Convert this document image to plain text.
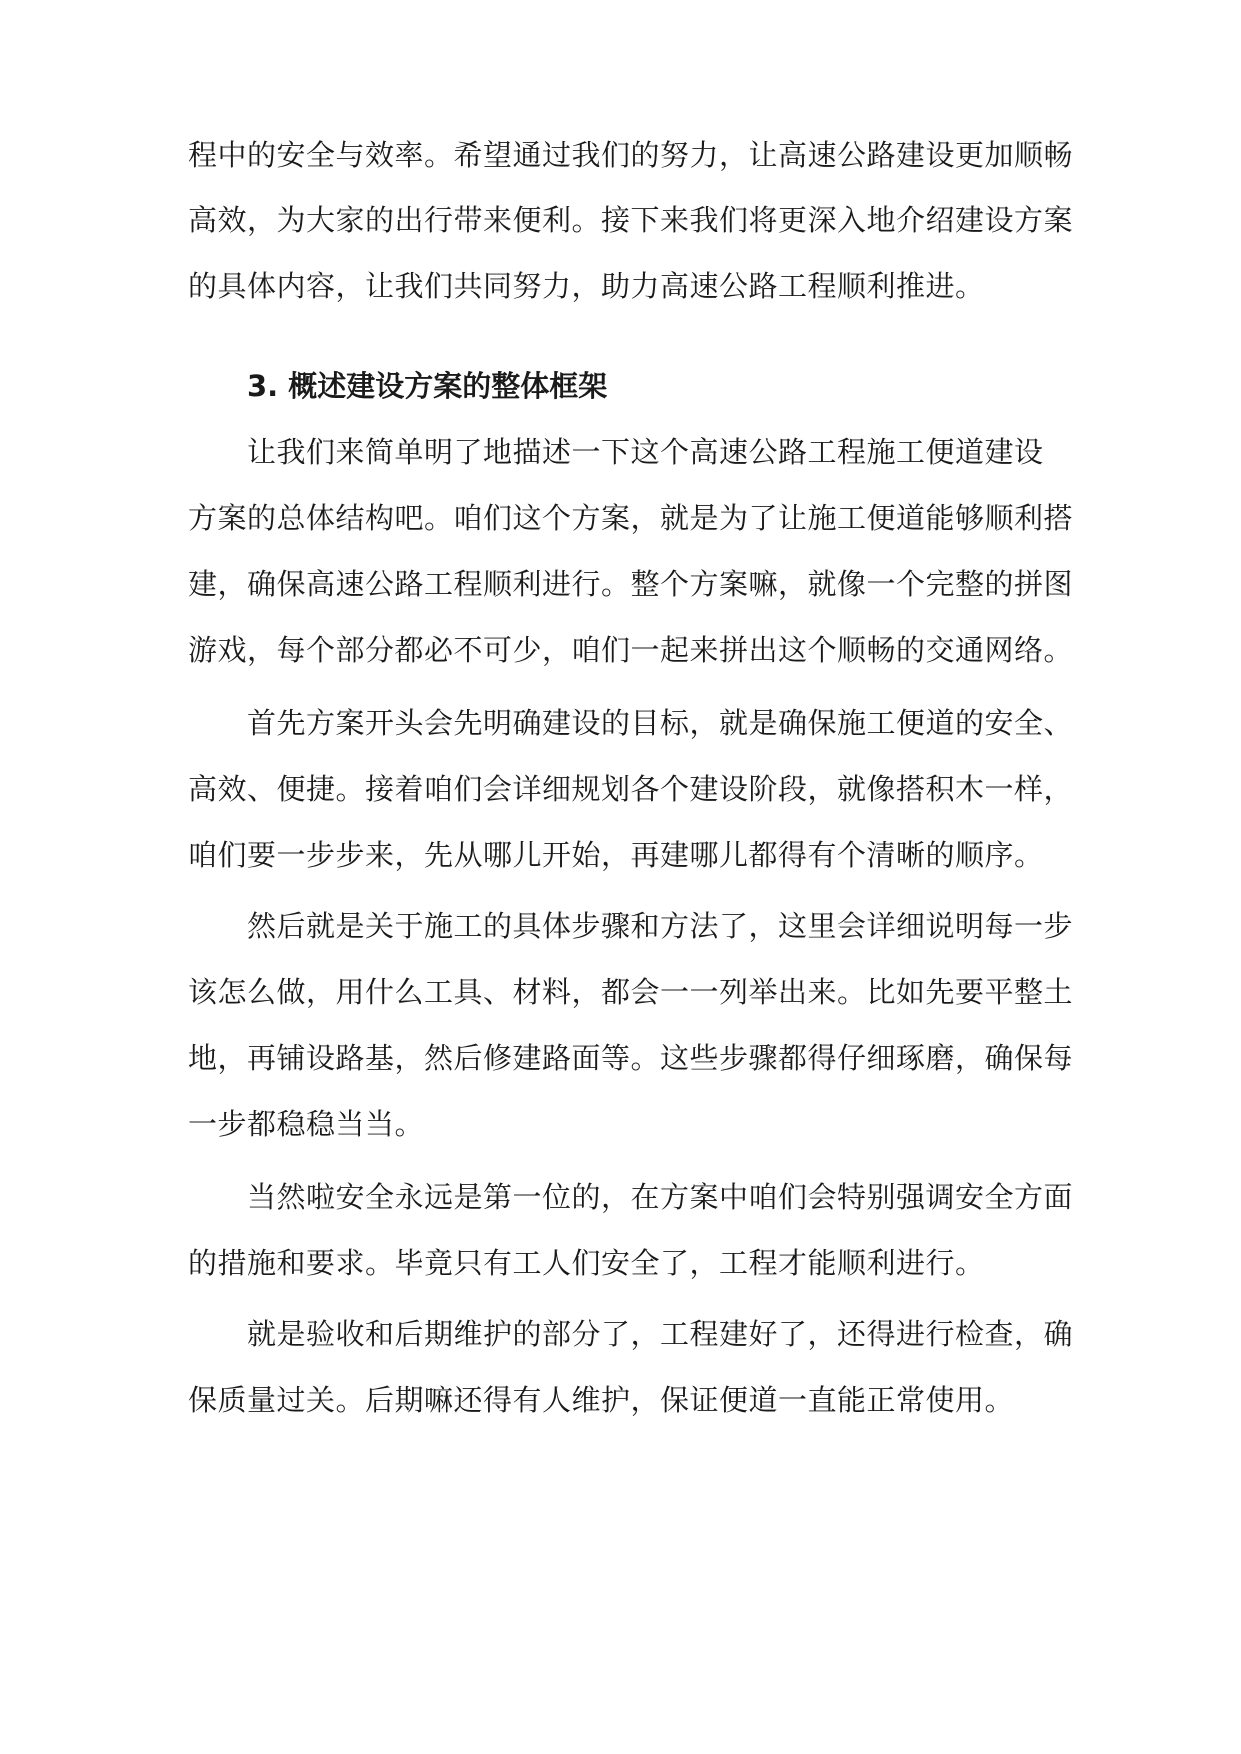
程中的安全与效率。希望通过我们的努力，让高速公路建设更加顺畅
高效，为大家的出行带来便利。接下来我们将更深入地介绍建设方案
的具体内容，让我们共同努力，助力高速公路工程顺利推进。
3. 概述建设方案的整体框架
让我们来简单明了地描述一下这个高速公路工程施工便道建设
方案的总体结构吧。咱们这个方案，就是为了让施工便道能够顺利搭
建，确保高速公路工程顺利进行。整个方案嘛，就像一个完整的拼图
游戏，每个部分都必不可少，咱们一起来拼出这个顺畅的交通网络。
首先方案开头会先明确建设的目标，就是确保施工便道的安全、
高效、便捷。接着咱们会详细规划各个建设阶段，就像搭积木一样，
咱们要一步步来，先从哪儿开始，再建哪儿都得有个清晰的顺序。
然后就是关于施工的具体步骤和方法了，这里会详细说明每一步
该怎么做，用什么工具、材料，都会一一列举出来。比如先要平整土
地，再铺设路基，然后修建路面等。这些步骤都得仔细琢磨，确保每
一步都稳稳当当。
当然啦安全永远是第一位的，在方案中咱们会特别强调安全方面
的措施和要求。毕竟只有工人们安全了，工程才能顺利进行。
就是验收和后期维护的部分了，工程建好了，还得进行检查，确
保质量过关。后期嘛还得有人维护，保证便道一直能正常使用。
